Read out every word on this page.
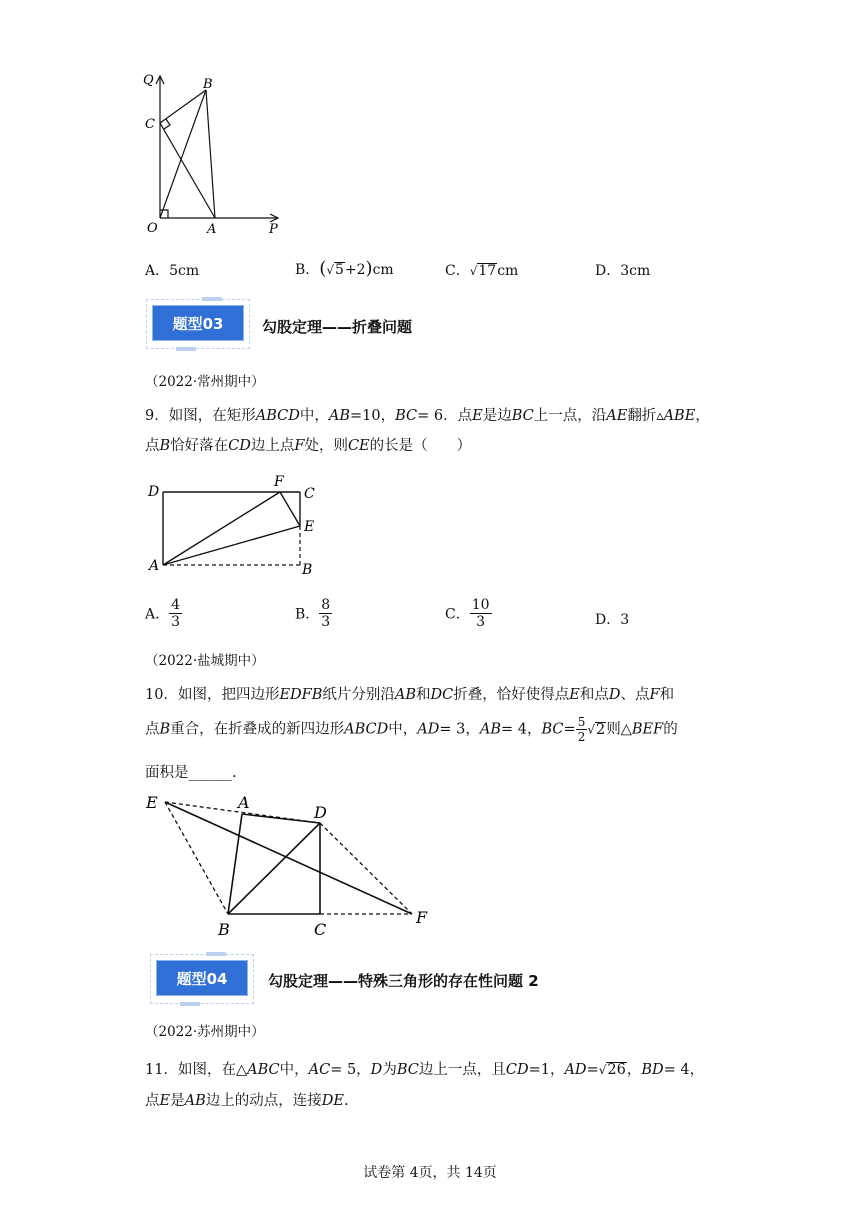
Q	B
C
O	A	P
A．5cm	B．(√5+2)cm	C．√17cm	D．3cm
题型03	勾股定理——折叠问题
（2022·常州期中）
9．如图，在矩形ABCD中，AB=10，BC= 6．点E是边BC上一点，沿AE翻折▵ABE，
点B恰好落在CD边上点F处，则CE的长是（　　）
D
F
C
E
A	B
A． $\frac{4}{3}$	B． $\frac{8}{3}$	C． $\frac{10}{3}$	D．3
（2022·盐城期中）
10．如图，把四边形EDFB纸片分别沿AB和DC折叠，恰好使得点E和点D、点F和
点B重合，在折叠成的新四边形ABCD中，AD= 3，AB= 4，$BC= \frac{5}{2} √2$则△BEF的
面积是______.
E	A
D
B	C
F
题型04	勾股定理——特殊三角形的存在性问题 2
（2022·苏州期中）
11．如图，在△ABC中，AC= 5，D为BC边上一点，且CD=1，AD=√26，BD= 4，
点E是AB边上的动点，连接DE.
试卷第 4页，共 14页
